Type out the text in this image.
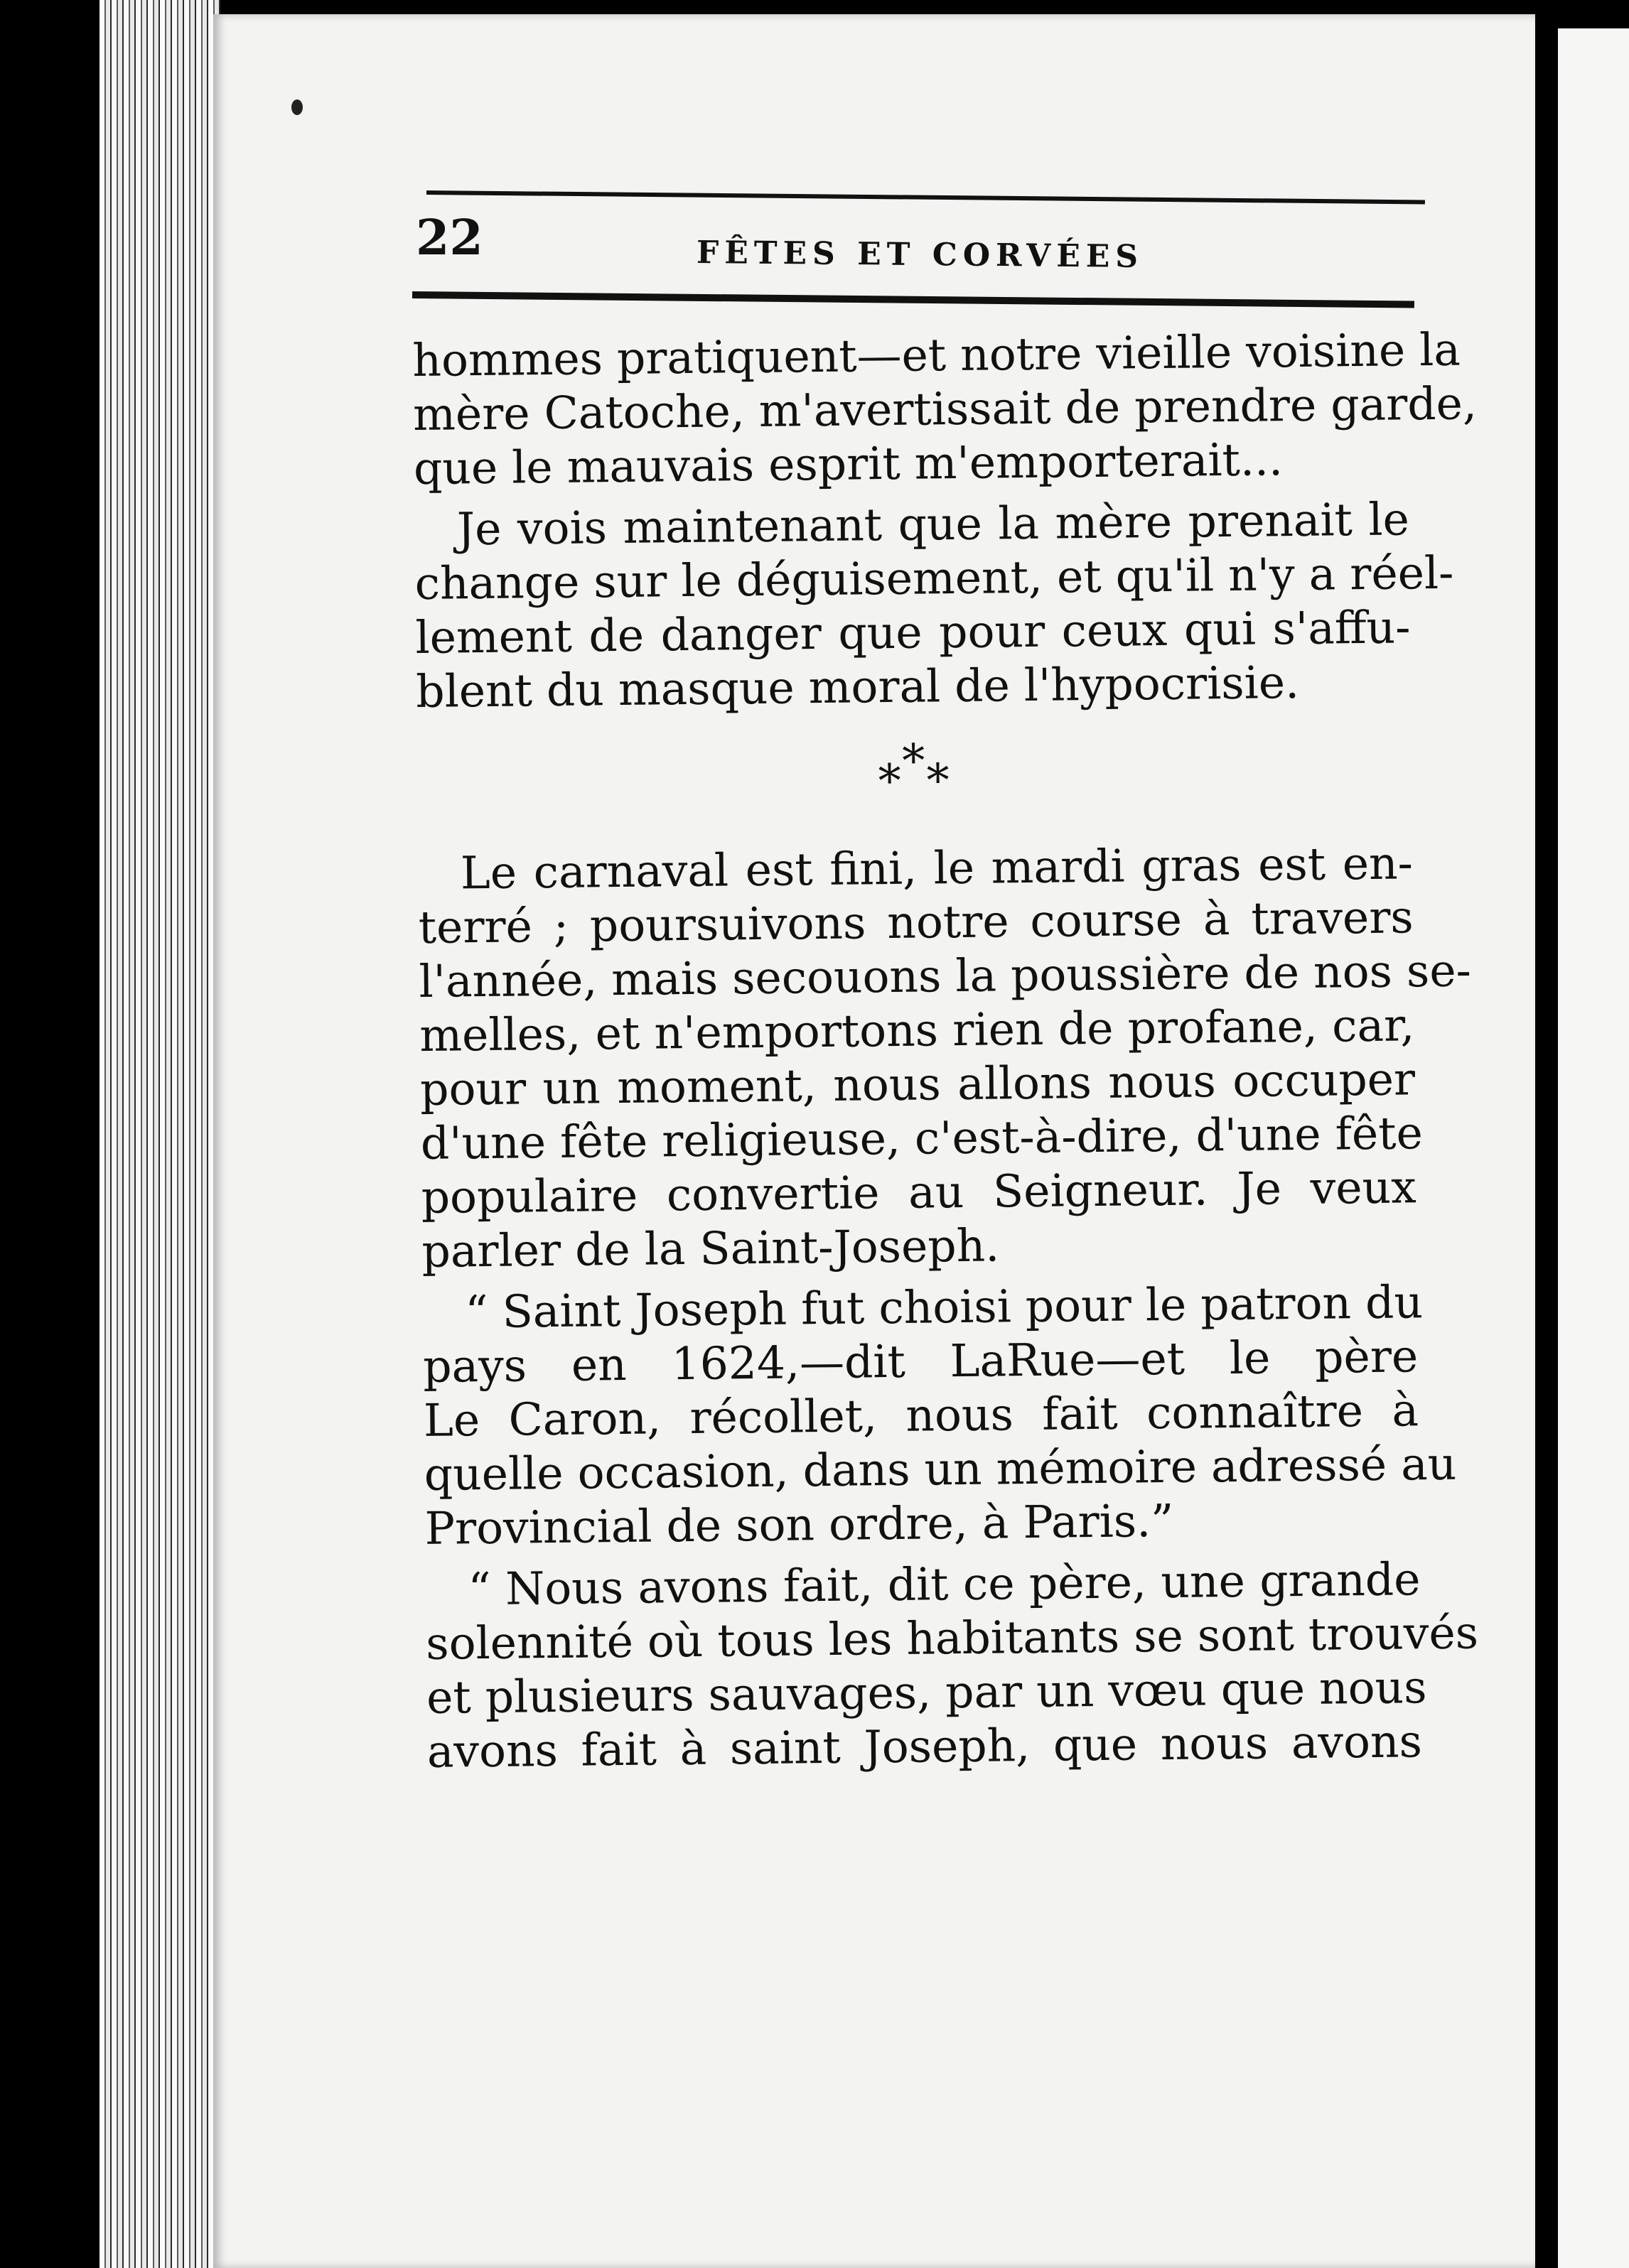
22	FÊTES ET CORVÉES
hommes pratiquent—et notre vieille voisine la
mère Catoche, m'avertissait de prendre garde,
que le mauvais esprit m'emporterait...
Je vois maintenant que la mère prenait le
change sur le déguisement, et qu'il n'y a réel-
lement de danger que pour ceux qui s'affu-
blent du masque moral de l'hypocrisie.
***
Le carnaval est fini, le mardi gras est en-
terré ; poursuivons notre course à travers
l'année, mais secouons la poussière de nos se-
melles, et n'emportons rien de profane, car,
pour un moment, nous allons nous occuper
d'une fête religieuse, c'est-à-dire, d'une fête
populaire convertie au Seigneur. Je veux
parler de la Saint-Joseph.
“ Saint Joseph fut choisi pour le patron du
pays en 1624,—dit LaRue—et le père
Le Caron, récollet, nous fait connaître à
quelle occasion, dans un mémoire adressé au
Provincial de son ordre, à Paris.”
“ Nous avons fait, dit ce père, une grande
solennité où tous les habitants se sont trouvés
et plusieurs sauvages, par un vœu que nous
avons fait à saint Joseph, que nous avons
